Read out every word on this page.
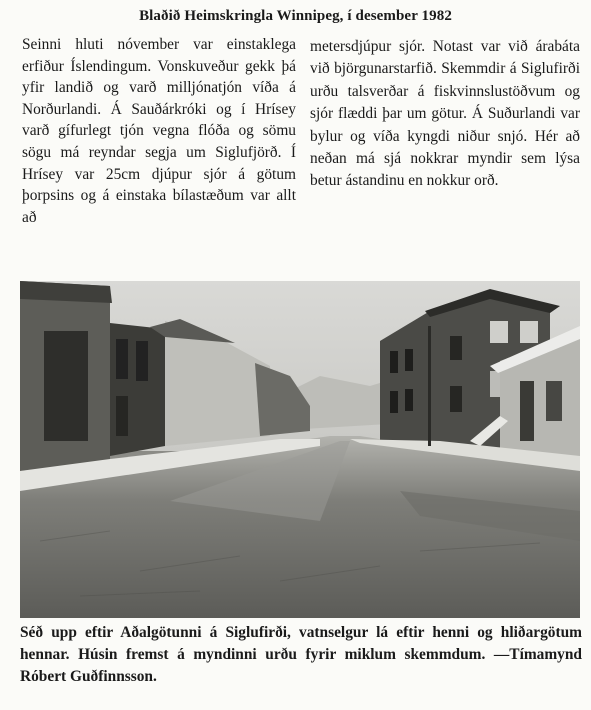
Blaðið Heimskringla Winnipeg, í desember 1982

Seinni hluti nóvember var einstaklega erfiður Íslendingum. Vonskuveður gekk þá yfir landið og varð milljónatjón víða á Norðurlandi. Á Sauðárkróki og í Hrísey varð gífurlegt tjón vegna flóða og sömu sögu má reyndar segja um Siglufjörð. Í Hrísey var 25cm djúpur sjór á götum þorpsins og á einstaka bílastæðum var allt að

metersdjúpur sjór. Notast var við árabáta við björgunarstarfið. Skemmdir á Siglufirði urðu talsverðar á fiskvinnslustöðvum og sjór flæddi þar um götur. Á Suðurlandi var bylur og víða kyngdi niður snjó. Hér að neðan má sjá nokkrar myndir sem lýsa betur ástandinu en nokkur orð.

Séð upp eftir Aðalgötunni á Siglufirði, vatnselgur lá eftir henni og hliðargötum hennar. Húsin fremst á myndinni urðu fyrir miklum skemmdum. —Tímamynd Róbert Guðfinnsson.
